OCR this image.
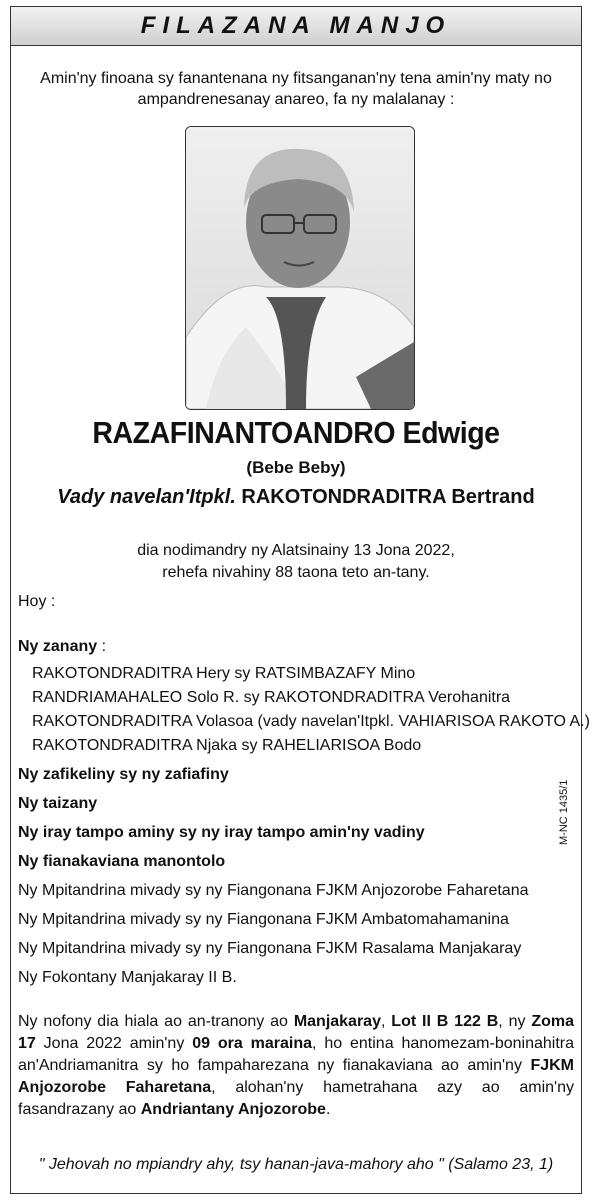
FILAZANA MANJO
Amin'ny finoana sy fanantenana ny fitsanganan'ny tena amin'ny maty no
ampandrenesanay anareo, fa ny malalanay :
RAZAFINANTOANDRO Edwige
(Bebe Beby)
Vady navelan'Itpkl. RAKOTONDRADITRA Bertrand
dia nodimandry ny Alatsinainy 13 Jona 2022,
rehefa nivahiny 88 taona teto an-tany.
Hoy :
Ny zanany :
RAKOTONDRADITRA Hery sy RATSIMBAZAFY Mino
RANDRIAMAHALEO Solo R. sy RAKOTONDRADITRA Verohanitra
RAKOTONDRADITRA Volasoa (vady navelan'Itpkl. VAHIARISOA RAKOTO A.)
RAKOTONDRADITRA Njaka sy RAHELIARISOA Bodo
Ny zafikeliny sy ny zafiafiny
Ny taizany
Ny iray tampo aminy sy ny iray tampo amin'ny vadiny
Ny fianakaviana manontolo
Ny Mpitandrina mivady sy ny Fiangonana FJKM Anjozorobe Faharetana
Ny Mpitandrina mivady sy ny Fiangonana FJKM Ambatomahamanina
Ny Mpitandrina mivady sy ny Fiangonana FJKM Rasalama Manjakaray
Ny Fokontany Manjakaray II B.
M-NC 1435/1
Ny nofony dia hiala ao an-tranony ao Manjakaray, Lot II B 122 B, ny Zoma 17 Jona 2022 amin'ny 09 ora maraina, ho entina hanomezam-boninahitra an'Andriamanitra sy ho fampaharezana ny fianakaviana ao amin'ny FJKM Anjozorobe Faharetana, alohan'ny hametrahana azy ao amin'ny fasandrazany ao Andriantany Anjozorobe.
" Jehovah no mpiandry ahy, tsy hanan-java-mahory aho " (Salamo 23, 1)
